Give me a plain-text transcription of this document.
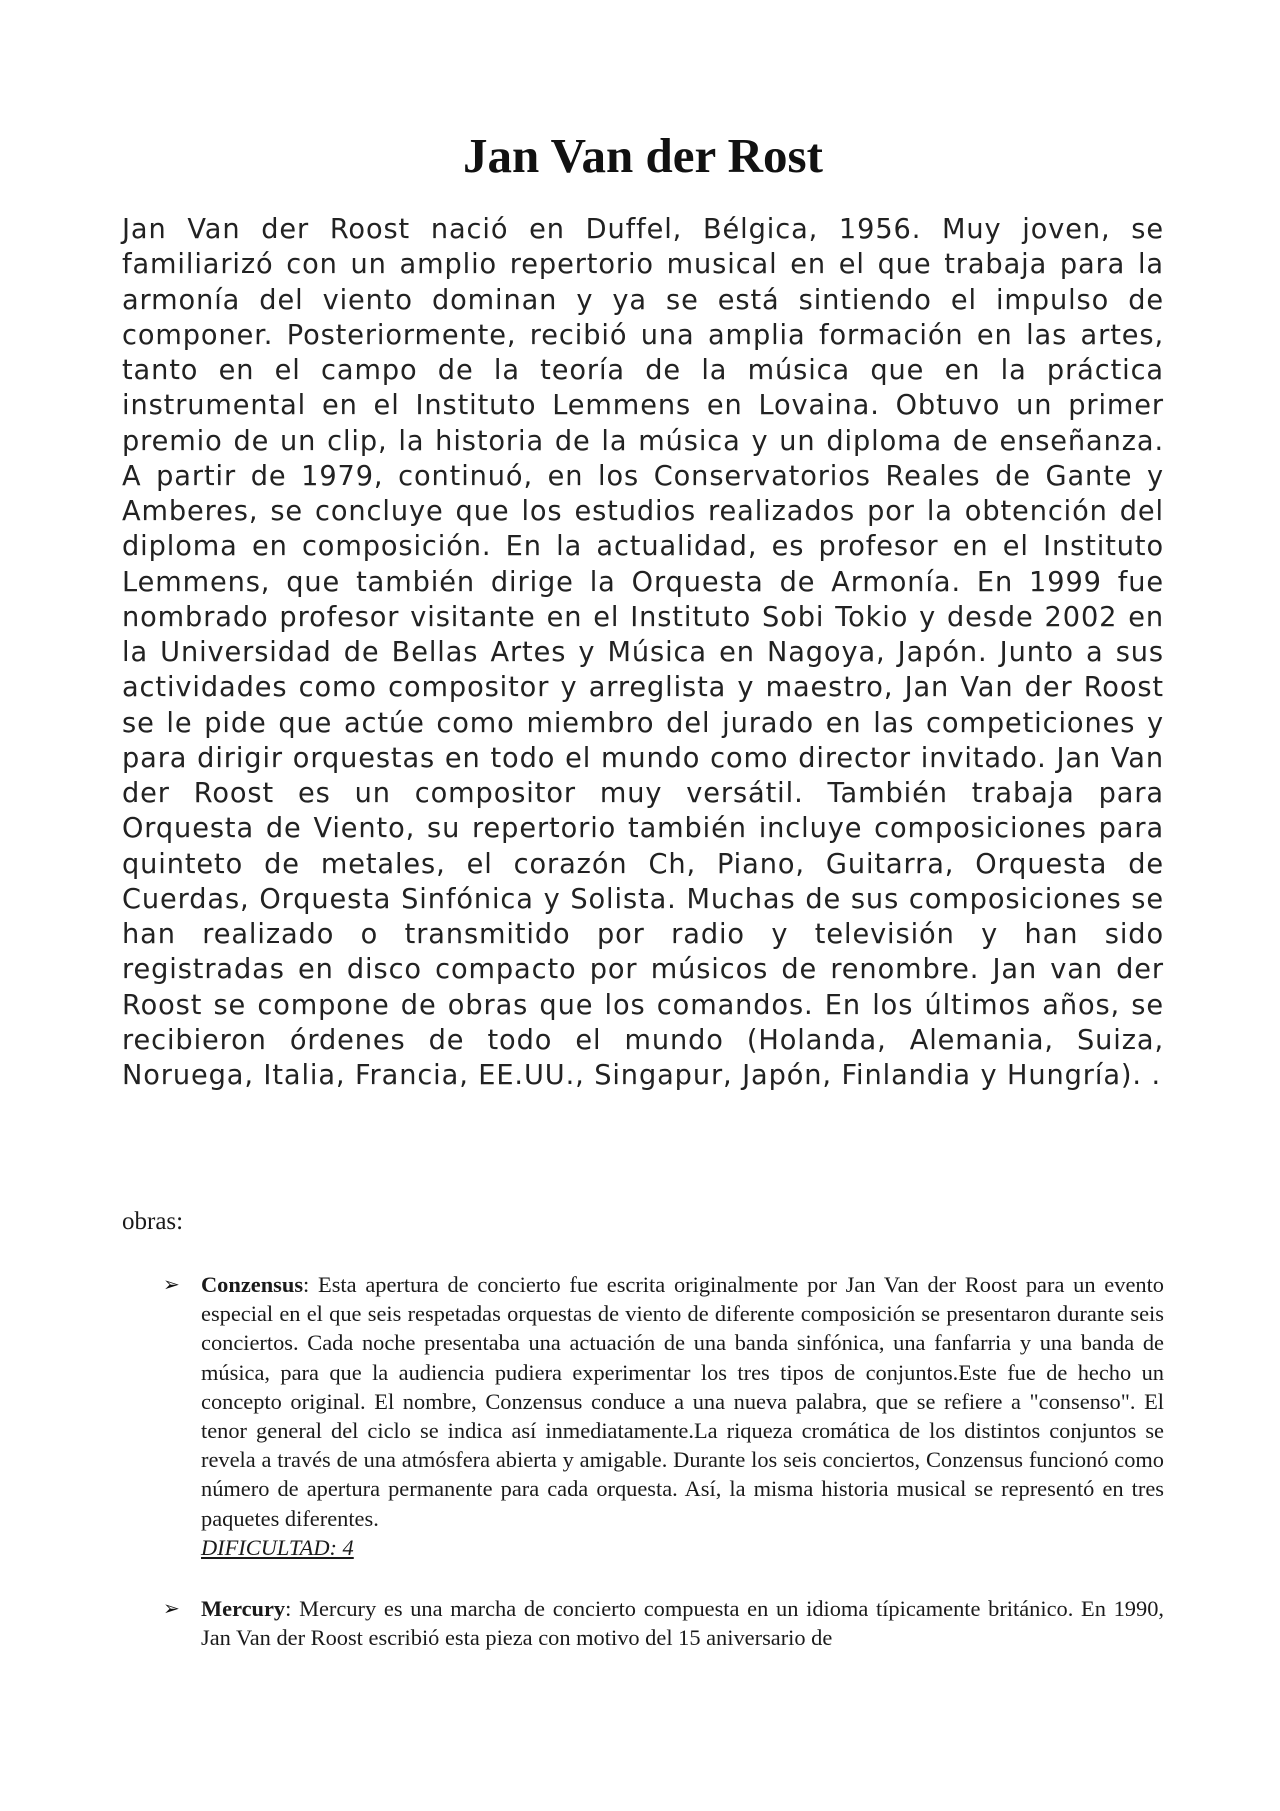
Jan Van der Rost

Jan Van der Roost nació en Duffel, Bélgica, 1956. Muy joven, se familiarizó con un amplio repertorio musical en el que trabaja para la armonía del viento dominan y ya se está sintiendo el impulso de componer. Posteriormente, recibió una amplia formación en las artes, tanto en el campo de la teoría de la música que en la práctica instrumental en el Instituto Lemmens en Lovaina. Obtuvo un primer premio de un clip, la historia de la música y un diploma de enseñanza. A partir de 1979, continuó, en los Conservatorios Reales de Gante y Amberes, se concluye que los estudios realizados por la obtención del diploma en composición. En la actualidad, es profesor en el Instituto Lemmens, que también dirige la Orquesta de Armonía. En 1999 fue nombrado profesor visitante en el Instituto Sobi Tokio y desde 2002 en la Universidad de Bellas Artes y Música en Nagoya, Japón. Junto a sus actividades como compositor y arreglista y maestro, Jan Van der Roost se le pide que actúe como miembro del jurado en las competiciones y para dirigir orquestas en todo el mundo como director invitado. Jan Van der Roost es un compositor muy versátil. También trabaja para Orquesta de Viento, su repertorio también incluye composiciones para quinteto de metales, el corazón Ch, Piano, Guitarra, Orquesta de Cuerdas, Orquesta Sinfónica y Solista. Muchas de sus composiciones se han realizado o transmitido por radio y televisión y han sido registradas en disco compacto por músicos de renombre. Jan van der Roost se compone de obras que los comandos. En los últimos años, se recibieron órdenes de todo el mundo (Holanda, Alemania, Suiza, Noruega, Italia, Francia, EE.UU., Singapur, Japón, Finlandia y Hungría). .

obras:

➢ Conzensus: Esta apertura de concierto fue escrita originalmente por Jan Van der Roost para un evento especial en el que seis respetadas orquestas de viento de diferente composición se presentaron durante seis conciertos. Cada noche presentaba una actuación de una banda sinfónica, una fanfarria y una banda de música, para que la audiencia pudiera experimentar los tres tipos de conjuntos.Este fue de hecho un concepto original. El nombre, Conzensus conduce a una nueva palabra, que se refiere a "consenso". El tenor general del ciclo se indica así inmediatamente.La riqueza cromática de los distintos conjuntos se revela a través de una atmósfera abierta y amigable. Durante los seis conciertos, Conzensus funcionó como número de apertura permanente para cada orquesta. Así, la misma historia musical se representó en tres paquetes diferentes.
DIFICULTAD: 4
➢ Mercury: Mercury es una marcha de concierto compuesta en un idioma típicamente británico. En 1990, Jan Van der Roost escribió esta pieza con motivo del 15 aniversario de
